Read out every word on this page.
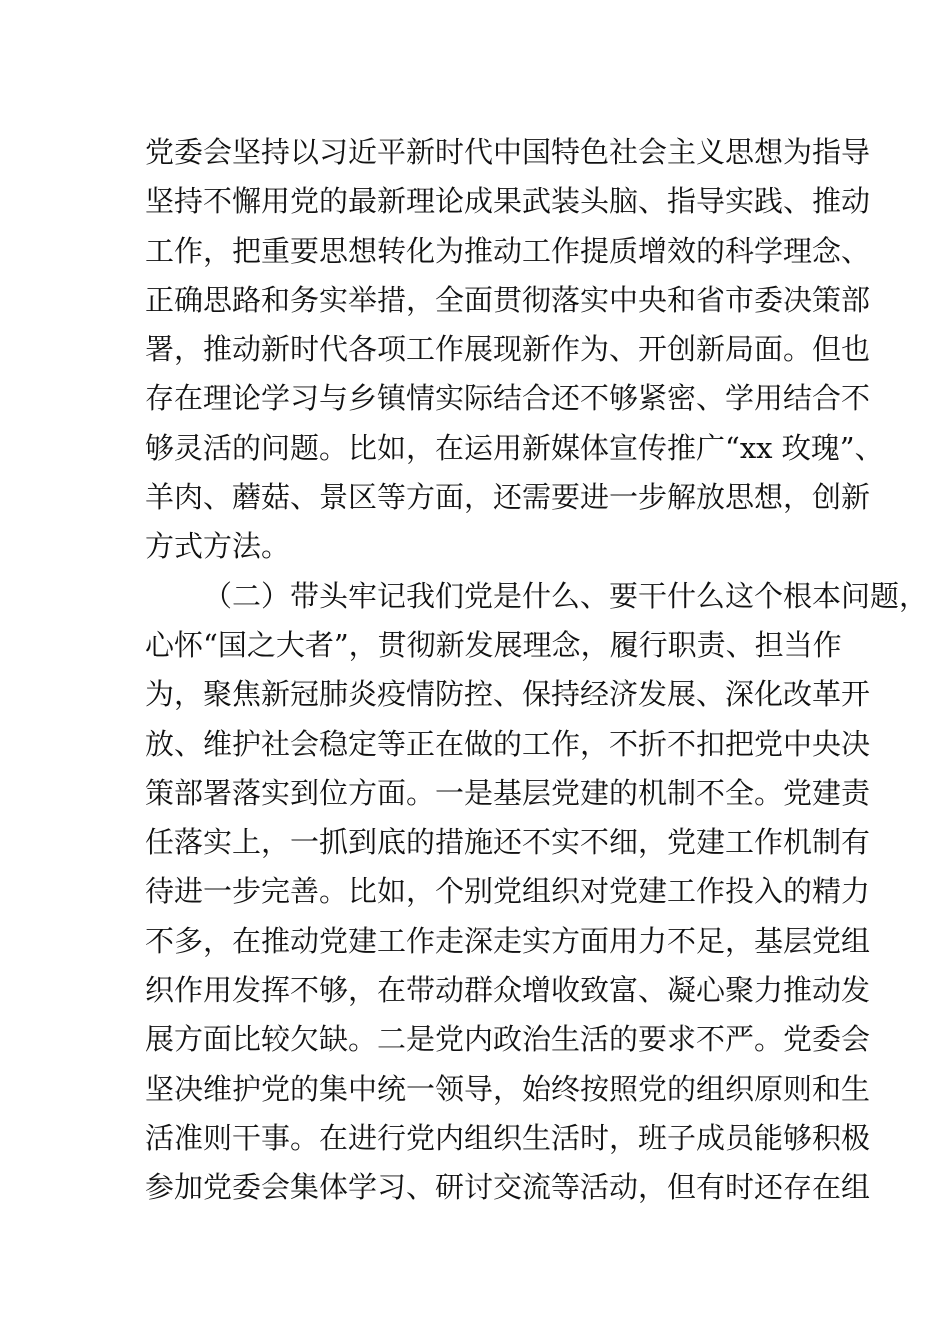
党委会坚持以习近平新时代中国特色社会主义思想为指导
坚持不懈用党的最新理论成果武装头脑、指导实践、推动
工作，把重要思想转化为推动工作提质增效的科学理念、
正确思路和务实举措，全面贯彻落实中央和省市委决策部
署，推动新时代各项工作展现新作为、开创新局面。但也
存在理论学习与乡镇情实际结合还不够紧密、学用结合不
够灵活的问题。比如，在运用新媒体宣传推广“xx 玫瑰”、
羊肉、蘑菇、景区等方面，还需要进一步解放思想，创新
方式方法。
（二）带头牢记我们党是什么、要干什么这个根本问题，
心怀“国之大者”，贯彻新发展理念，履行职责、担当作
为，聚焦新冠肺炎疫情防控、保持经济发展、深化改革开
放、维护社会稳定等正在做的工作，不折不扣把党中央决
策部署落实到位方面。一是基层党建的机制不全。党建责
任落实上，一抓到底的措施还不实不细，党建工作机制有
待进一步完善。比如，个别党组织对党建工作投入的精力
不多，在推动党建工作走深走实方面用力不足，基层党组
织作用发挥不够，在带动群众增收致富、凝心聚力推动发
展方面比较欠缺。二是党内政治生活的要求不严。党委会
坚决维护党的集中统一领导，始终按照党的组织原则和生
活准则干事。在进行党内组织生活时，班子成员能够积极
参加党委会集体学习、研讨交流等活动，但有时还存在组
